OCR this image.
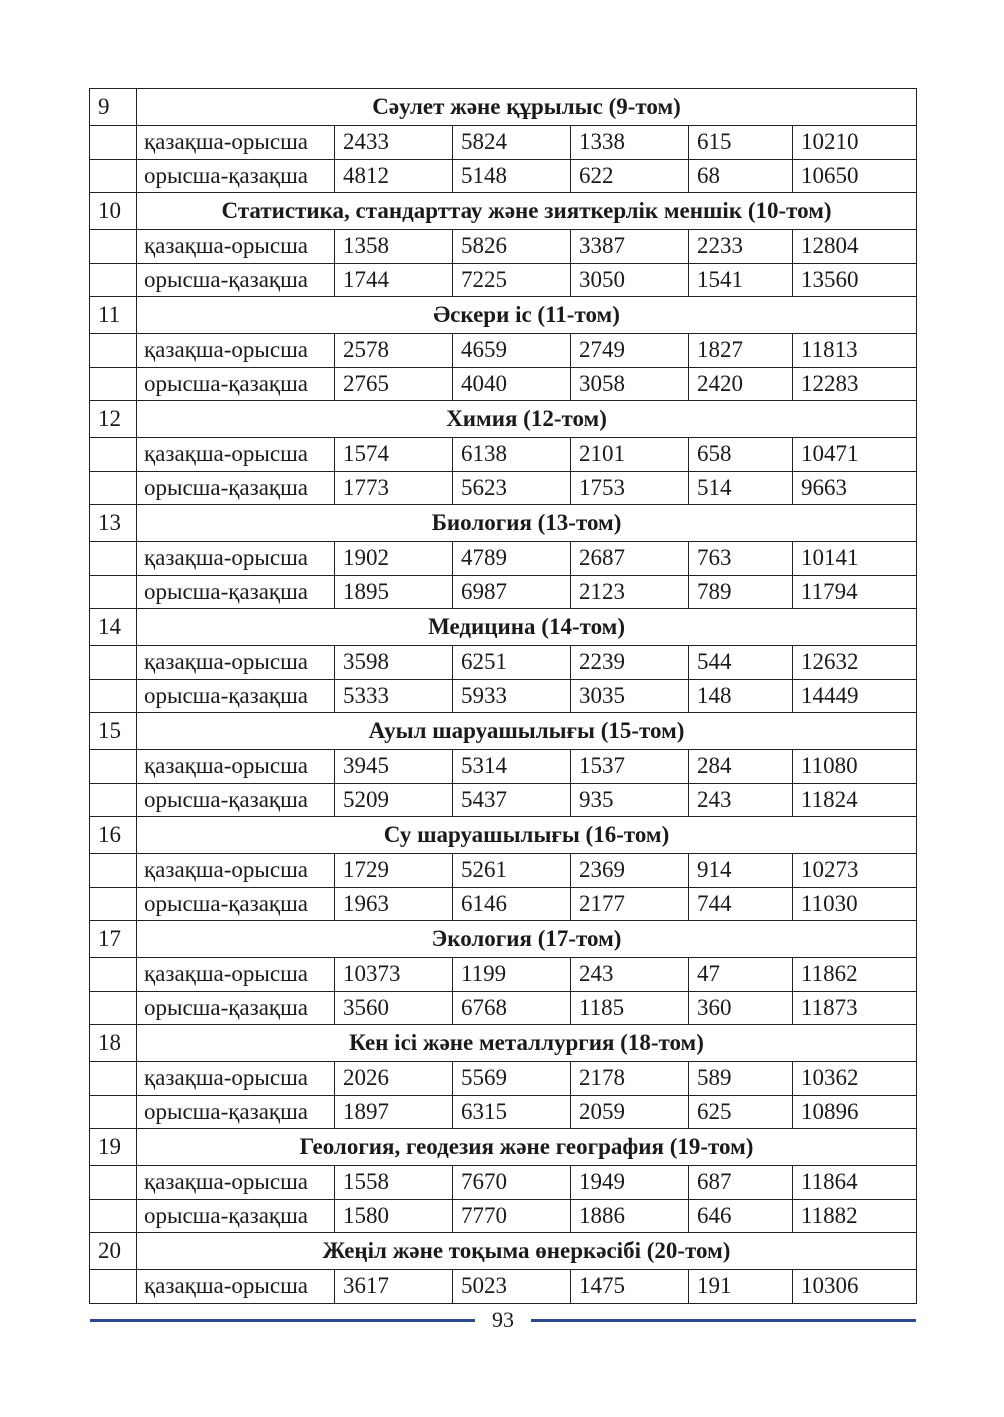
9	Сәулет және құрылыс (9-том)					
	қазақша-орысша	2433	5824	1338	615	10210
	орысша-қазақша	4812	5148	622	68	10650
10	Статистика, стандарттау және зияткерлік меншік (10-том)					
	қазақша-орысша	1358	5826	3387	2233	12804
	орысша-қазақша	1744	7225	3050	1541	13560
11	Әскери іс (11-том)					
	қазақша-орысша	2578	4659	2749	1827	11813
	орысша-қазақша	2765	4040	3058	2420	12283
12	Химия (12-том)					
	қазақша-орысша	1574	6138	2101	658	10471
	орысша-қазақша	1773	5623	1753	514	9663
13	Биология (13-том)					
	қазақша-орысша	1902	4789	2687	763	10141
	орысша-қазақша	1895	6987	2123	789	11794
14	Медицина (14-том)					
	қазақша-орысша	3598	6251	2239	544	12632
	орысша-қазақша	5333	5933	3035	148	14449
15	Ауыл шаруашылығы (15-том)					
	қазақша-орысша	3945	5314	1537	284	11080
	орысша-қазақша	5209	5437	935	243	11824
16	Су шаруашылығы (16-том)					
	қазақша-орысша	1729	5261	2369	914	10273
	орысша-қазақша	1963	6146	2177	744	11030
17	Экология (17-том)					
	қазақша-орысша	10373	1199	243	47	11862
	орысша-қазақша	3560	6768	1185	360	11873
18	Кен ісі және металлургия (18-том)					
	қазақша-орысша	2026	5569	2178	589	10362
	орысша-қазақша	1897	6315	2059	625	10896
19	Геология, геодезия және география (19-том)					
	қазақша-орысша	1558	7670	1949	687	11864
	орысша-қазақша	1580	7770	1886	646	11882
20	Жеңіл және тоқыма өнеркәсібі (20-том)					
	қазақша-орысша	3617	5023	1475	191	10306
93
